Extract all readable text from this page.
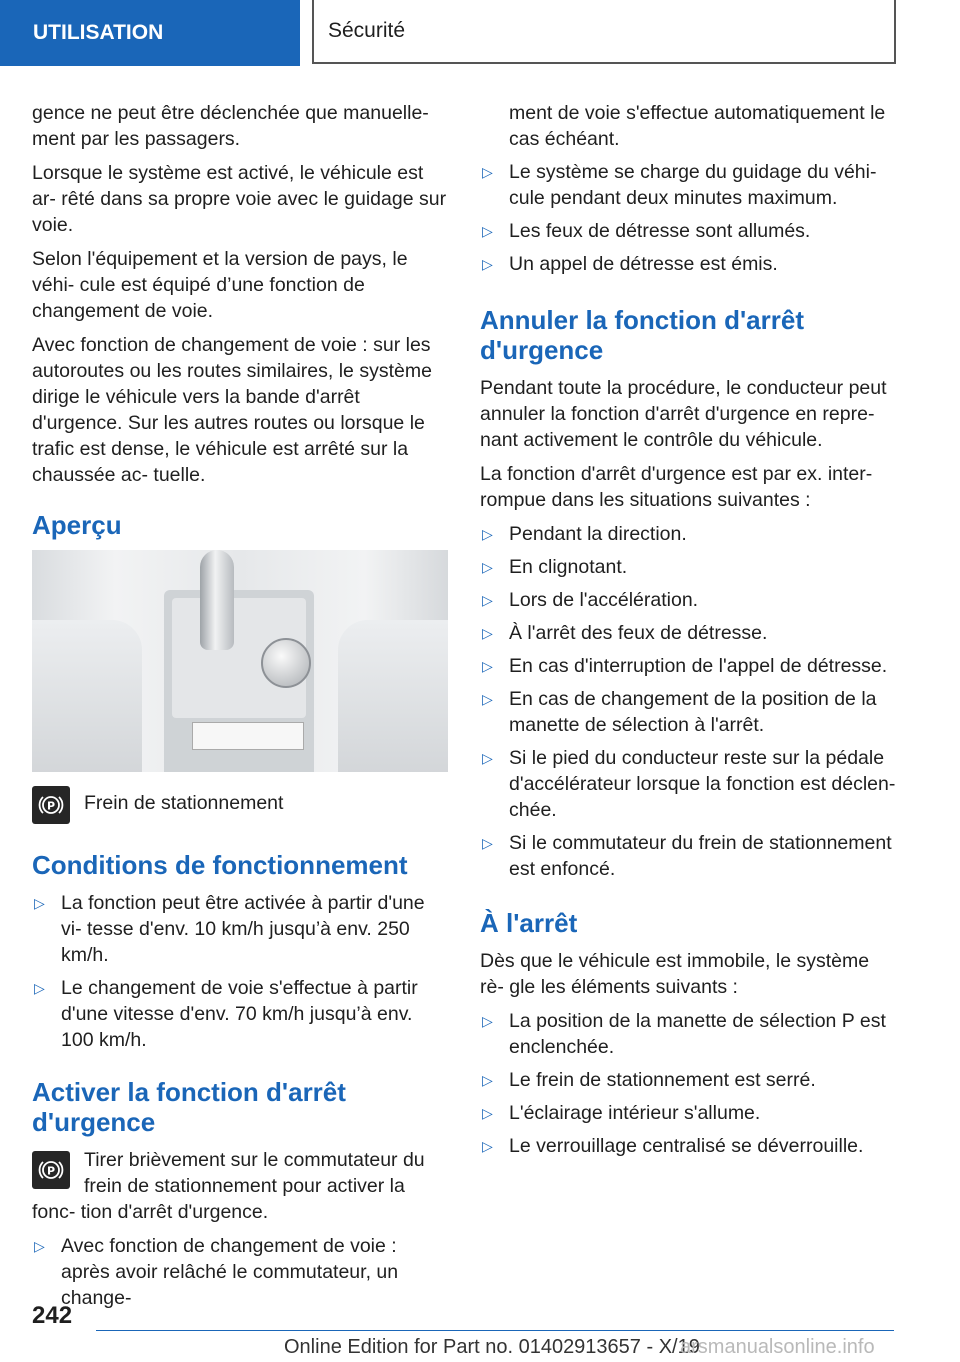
UTILISATION	Sécurité

gence ne peut être déclenchée que manuelle- ment par les passagers.

Lorsque le système est activé, le véhicule est ar- rêté dans sa propre voie avec le guidage sur voie.

Selon l'équipement et la version de pays, le véhi- cule est équipé d’une fonction de changement de voie.

Avec fonction de changement de voie : sur les autoroutes ou les routes similaires, le système dirige le véhicule vers la bande d'arrêt d'urgence. Sur les autres routes ou lorsque le trafic est dense, le véhicule est arrêté sur la chaussée ac- tuelle.

Aperçu
P Frein de stationnement
Conditions de fonctionnement
▷ La fonction peut être activée à partir d'une vi- tesse d'env. 10 km/h jusqu’à env. 250 km/h.
▷ Le changement de voie s'effectue à partir d'une vitesse d'env. 70 km/h jusqu’à env. 100 km/h.
Activer la fonction d'arrêt d'urgence
P Tirer brièvement sur le commutateur du frein de stationnement pour activer la fonc- tion d'arrêt d'urgence.
▷ Avec fonction de changement de voie : après avoir relâché le commutateur, un change-
ment de voie s'effectue automatiquement le cas échéant.
▷ Le système se charge du guidage du véhi- cule pendant deux minutes maximum.
▷ Les feux de détresse sont allumés.
▷ Un appel de détresse est émis.
Annuler la fonction d'arrêt d'urgence

Pendant toute la procédure, le conducteur peut annuler la fonction d'arrêt d'urgence en repre- nant activement le contrôle du véhicule.

La fonction d'arrêt d'urgence est par ex. inter- rompue dans les situations suivantes :

▷ Pendant la direction.
▷ En clignotant.
▷ Lors de l'accélération.
▷ À l'arrêt des feux de détresse.
▷ En cas d'interruption de l'appel de détresse.
▷ En cas de changement de la position de la manette de sélection à l'arrêt.
▷ Si le pied du conducteur reste sur la pédale d'accélérateur lorsque la fonction est déclen- chée.
▷ Si le commutateur du frein de stationnement est enfoncé.
À l'arrêt

Dès que le véhicule est immobile, le système rè- gle les éléments suivants :

▷ La position de la manette de sélection P est enclenchée.
▷ Le frein de stationnement est serré.
▷ L'éclairage intérieur s'allume.
▷ Le verrouillage centralisé se déverrouille.
242
Online Edition for Part no. 01402913657 - X/19
arsmanualsonline.info
